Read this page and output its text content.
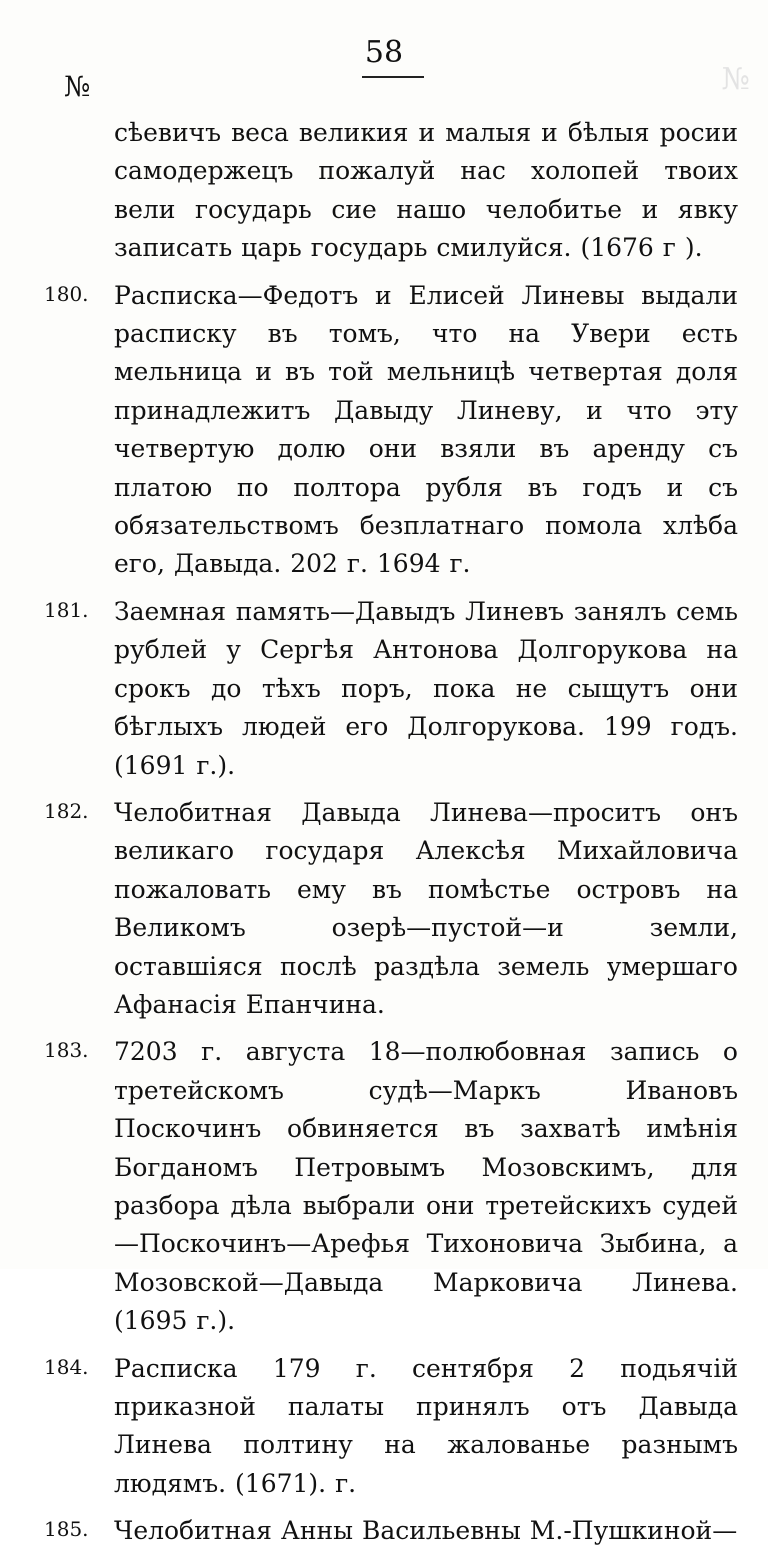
№
58
№
сѣевичъ веса великия и малыя и бѣлыя росии самодержецъ пожалуй нас холопей твоих вели государь сие нашо челобитье и явку записать царь государь смилуйся. (1676 г ).
180. Расписка—Федотъ и Елисей Линевы выдали расписку въ томъ, что на Увери есть мельница и въ той мельницѣ четвертая доля принадлежитъ Давыду Линеву, и что эту четвертую долю они взяли въ аренду съ платою по полтора рубля въ годъ и съ обязательствомъ безплатнаго помола хлѣба его, Давыда. 202 г. 1694 г.
181. Заемная память—Давыдъ Линевъ занялъ семь рублей у Сергѣя Антонова Долгорукова на срокъ до тѣхъ поръ, пока не сыщутъ они бѣглыхъ людей его Долгорукова. 199 годъ. (1691 г.).
182. Челобитная Давыда Линева—проситъ онъ великаго государя Алексѣя Михайловича пожаловать ему въ помѣстье островъ на Великомъ озерѣ—пустой—и земли, оставшiяся послѣ раздѣла земель умершаго Афанасiя Епанчина.
183. 7203 г. августа 18—полюбовная запись о третейскомъ судѣ—Маркъ Ивановъ Поскочинъ обвиняется въ захватѣ имѣнiя Богданомъ Петровымъ Мозовскимъ, для разбора дѣла выбрали они третейскихъ судей—Поскочинъ—Арефья Тихоновича Зыбина, а Мозовской—Давыда Марковича Линева. (1695 г.).
184. Расписка 179 г. сентября 2 подьячiй приказной палаты принялъ отъ Давыда Линева полтину на жалованье разнымъ людямъ. (1671). г.
185. Челобитная Анны Васильевны М.-Пушкиной—
